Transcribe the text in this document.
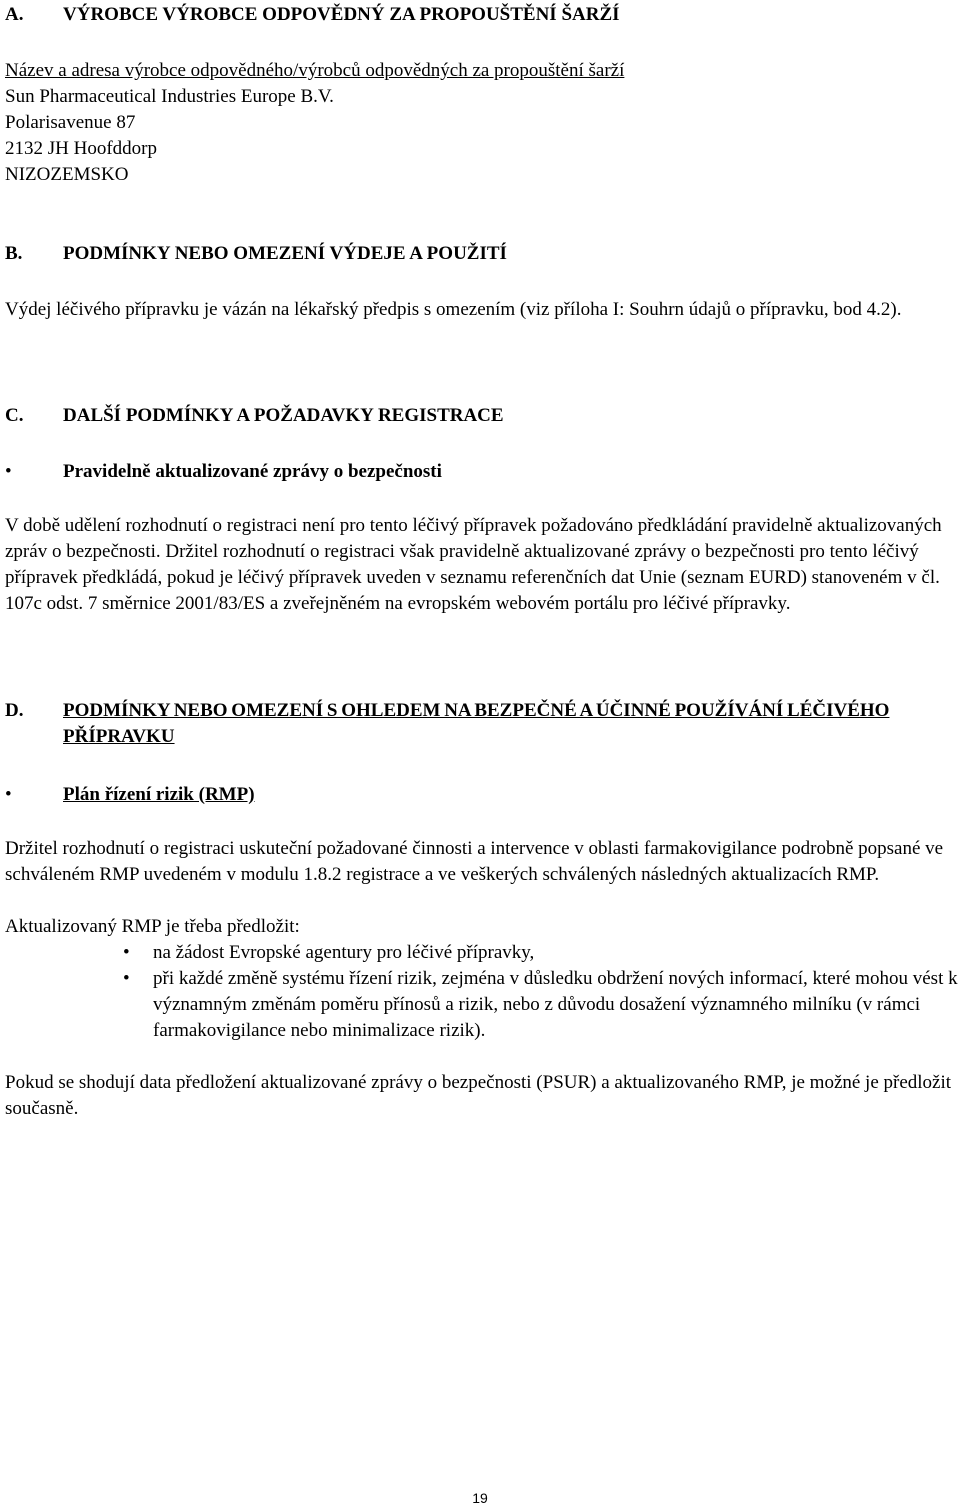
A. VÝROBCE VÝROBCE ODPOVĚDNÝ ZA PROPOUŠTĚNÍ ŠARŽÍ

Název a adresa výrobce odpovědného/výrobců odpovědných za propouštění šarží

Sun Pharmaceutical Industries Europe B.V.

Polarisavenue 87

2132 JH Hoofddorp

NIZOZEMSKO

B. PODMÍNKY NEBO OMEZENÍ VÝDEJE A POUŽITÍ

Výdej léčivého přípravku je vázán na lékařský předpis s omezením (viz příloha I: Souhrn údajů o přípravku, bod 4.2).

C. DALŠÍ PODMÍNKY A POŽADAVKY REGISTRACE
•	Pravidelně aktualizované zprávy o bezpečnosti

V době udělení rozhodnutí o registraci není pro tento léčivý přípravek požadováno předkládání pravidelně aktualizovaných zpráv o bezpečnosti. Držitel rozhodnutí o registraci však pravidelně aktualizované zprávy o bezpečnosti pro tento léčivý přípravek předkládá, pokud je léčivý přípravek uveden v seznamu referenčních dat Unie (seznam EURD) stanoveném v čl. 107c odst. 7 směrnice 2001/83/ES a zveřejněném na evropském webovém portálu pro léčivé přípravky.

D. PODMÍNKY NEBO OMEZENÍ S OHLEDEM NA BEZPEČNÉ A ÚČINNÉ POUŽÍVÁNÍ LÉČIVÉHO PŘÍPRAVKU
•	Plán řízení rizik (RMP)

Držitel rozhodnutí o registraci uskuteční požadované činnosti a intervence v oblasti farmakovigilance podrobně popsané ve schváleném RMP uvedeném v modulu 1.8.2 registrace a ve veškerých schválených následných aktualizacích RMP.

Aktualizovaný RMP je třeba předložit:

• na žádost Evropské agentury pro léčivé přípravky,
• při každé změně systému řízení rizik, zejména v důsledku obdržení nových informací, které mohou vést k významným změnám poměru přínosů a rizik, nebo z důvodu dosažení významného milníku (v rámci farmakovigilance nebo minimalizace rizik).

Pokud se shodují data předložení aktualizované zprávy o bezpečnosti (PSUR) a aktualizovaného RMP, je možné je předložit současně.

19
